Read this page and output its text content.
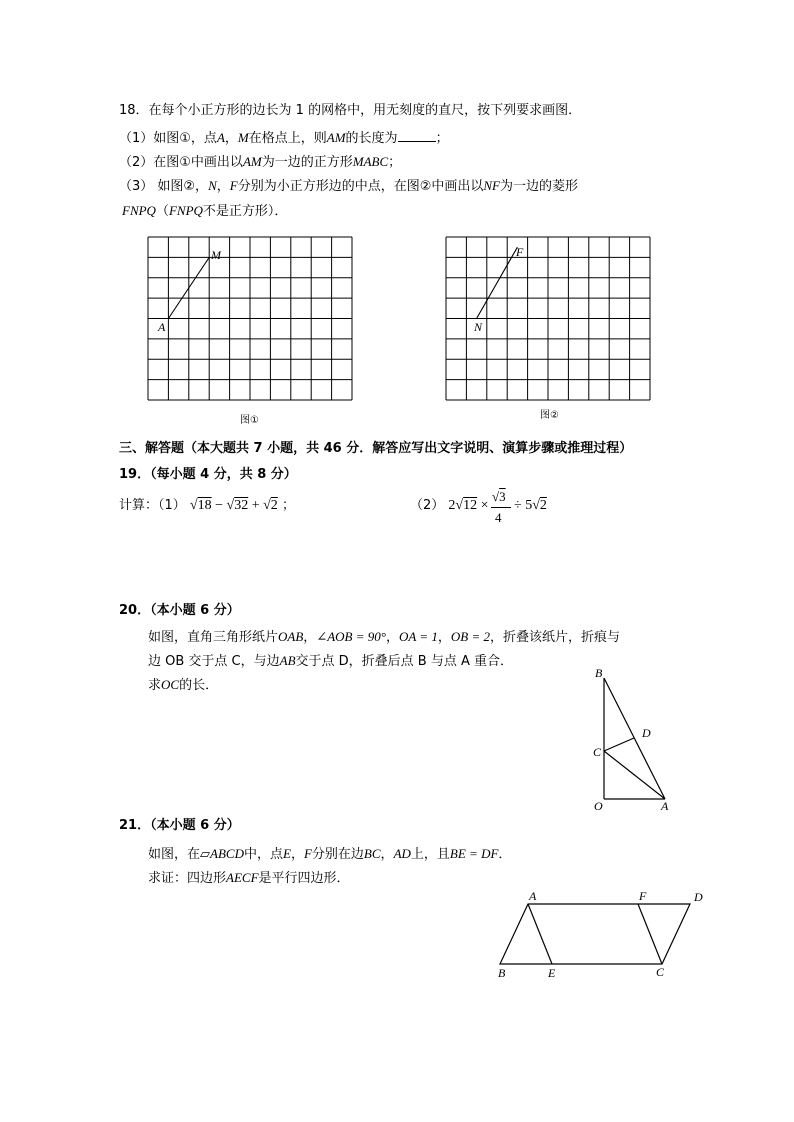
18．在每个小正方形的边长为 1 的网格中，用无刻度的直尺，按下列要求画图．
（1）如图①，点A，M在格点上，则AM的长度为	；
（2）在图①中画出以AM为一边的正方形MABC；
（3） 如图②，N，F分别为小正方形边的中点，在图②中画出以NF为一边的菱形
FNPQ（FNPQ不是正方形）．
M
A
图①
F
N
图②
三、解答题（本大题共 7 小题，共 46 分．解答应写出文字说明、演算步骤或推理过程）
19．（每小题 4 分，共 8 分）
计算：（1） √18 − √32 + √2 ；	（2） 2√12 ×
√3
4
÷ 5√2
20．（本小题 6 分）
如图，直角三角形纸片OAB，∠AOB = 90°，OA = 1，OB = 2，折叠该纸片，折痕与
边 OB 交于点 C，与边AB交于点 D，折叠后点 B 与点 A 重合．
求OC的长．
B
D
C
O	A
21．（本小题 6 分）
如图，在▱ABCD中，点E，F分别在边BC，AD上，且BE = DF．
求证：四边形AECF是平行四边形．
A	F	D
B	E	C
